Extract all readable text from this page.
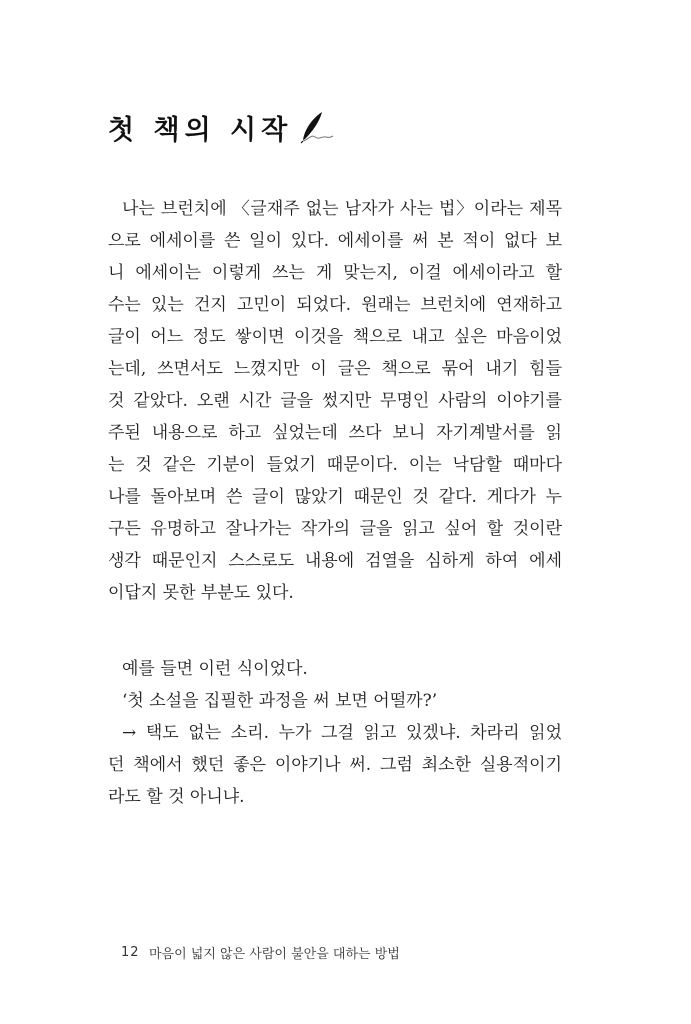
첫 책의 시작
나는 브런치에 〈글재주 없는 남자가 사는 법〉이라는 제목
으로 에세이를 쓴 일이 있다. 에세이를 써 본 적이 없다 보
니 에세이는 이렇게 쓰는 게 맞는지, 이걸 에세이라고 할
수는 있는 건지 고민이 되었다. 원래는 브런치에 연재하고
글이 어느 정도 쌓이면 이것을 책으로 내고 싶은 마음이었
는데, 쓰면서도 느꼈지만 이 글은 책으로 묶어 내기 힘들
것 같았다. 오랜 시간 글을 썼지만 무명인 사람의 이야기를
주된 내용으로 하고 싶었는데 쓰다 보니 자기계발서를 읽
는 것 같은 기분이 들었기 때문이다. 이는 낙담할 때마다
나를 돌아보며 쓴 글이 많았기 때문인 것 같다. 게다가 누
구든 유명하고 잘나가는 작가의 글을 읽고 싶어 할 것이란
생각 때문인지 스스로도 내용에 검열을 심하게 하여 에세
이답지 못한 부분도 있다.
예를 들면 이런 식이었다.
‘첫 소설을 집필한 과정을 써 보면 어떨까?’
→ 택도 없는 소리. 누가 그걸 읽고 있겠냐. 차라리 읽었
던 책에서 했던 좋은 이야기나 써. 그럼 최소한 실용적이기
라도 할 것 아니냐.
12 마음이 넓지 않은 사람이 불안을 대하는 방법
